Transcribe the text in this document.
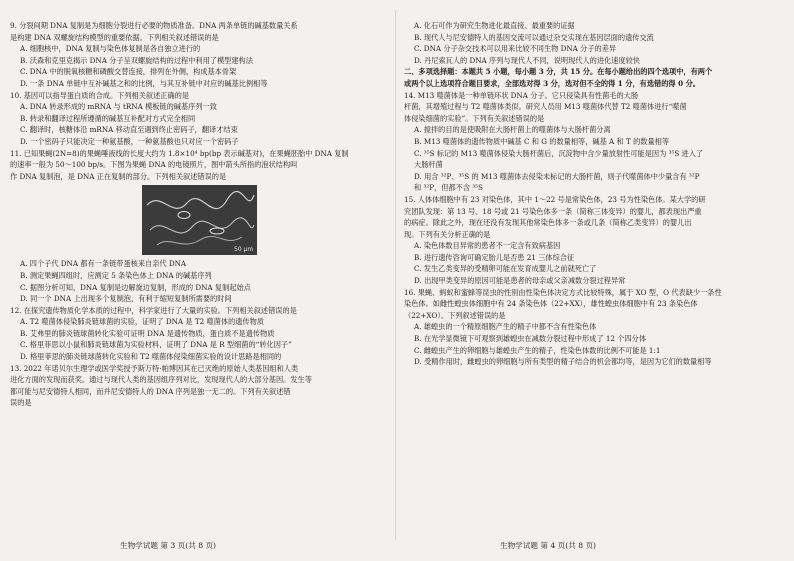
9. 分裂间期 DNA 复制是为细胞分裂进行必要的物质准备。DNA 两条单链的碱基数量关系

是构建 DNA 双螺旋结构模型的重要依据。下列相关叙述错误的是

A. 细胞核中，DNA 复制与染色体复制是各自独立进行的

B. 沃森和克里克揭示 DNA 分子呈双螺旋结构的过程中利用了模型建构法

C. DNA 中的脱氧核糖和磷酸交替连接，排列在外侧，构成基本骨架

D. 一条 DNA 单链中互补碱基之和的比例，与其互补链中对应的碱基比例相等

10. 基因可以指导蛋白质的合成。下列相关叙述正确的是

A. DNA 转录形成的 mRNA 与 tRNA 模板链的碱基序列一致

B. 转录和翻译过程所遵循的碱基互补配对方式完全相同

C. 翻译时，核糖体沿 mRNA 移动直至遇到终止密码子，翻译才结束

D. 一个密码子只能决定一种氨基酸，一种氨基酸也只对应一个密码子

11. 已知果蝇(2N=8)的果蝇唾液线的长度大约为 1.8×10⁴ bp(bp 表示碱基对)，在果蝇胚胎中 DNA 复制

的速率一般为 50～100 bp/s。下图为果蝇 DNA 的电镜照片，图中箭头所指的泡状结构叫

作 DNA 复制泡，是 DNA 正在复制的部分。下列相关叙述错误的是

50 μm

A. 四个子代 DNA 都有一条链带蛋核来自亲代 DNA

B. 测定果蝇四组时，应测定 5 条染色体上 DNA 的碱基序列

C. 据图分析可知，DNA 复制是边解旋边复制，形成的 DNA 复制起始点

D. 同一个 DNA 上出现多个复制泡，有利于缩短复制所需要的时间

12. 在探究遗传物质化学本质的过程中，科学家进行了大量的实验。下列相关叙述错误的是

A. T2 噬菌体侵染肺炎链球菌的实验，证明了 DNA 是 T2 噬菌体的遗传物质

B. 艾弗里的肺炎链球菌转化实验可证明 DNA 是遗传物质，蛋白质不是遗传物质

C. 格里菲思以小鼠和肺炎链球菌为实验材料，证明了 DNA 是 R 型细菌的“转化因子”

D. 格里菲思的肺炎链球菌转化实验和 T2 噬菌体侵染细菌实验的设计思路是相同的

13. 2022 年诺贝尔生理学或医学奖授予斯万特·帕博因其在已灭绝的原始人类基因组和人类

进化方面的发现而获奖。通过与现代人类的基因组序列对比，发现现代人的大部分基因。发生等

都可能与尼安德特人相同，而并尼安德特人的 DNA 序列是独一无二的。下列有关叙述错

误的是

A. 化石可作为研究生物进化最直接、最重要的证据

B. 现代人与尼安德特人的基因交流可以通过杂交实现在基因层面的遗传交流

C. DNA 分子杂交技术可以用来比较不同生物 DNA 分子的差异

D. 丹尼索瓦人的 DNA 序列与现代人不同，说明现代人的进化速度较快

二、多项选择题：本题共 5 小题，每小题 3 分，共 15 分。在每小题给出的四个选项中，有两个

或两个以上选项符合题目要求，全部选对得 3 分，选对但不全的得 1 分，有选错的得 0 分。

14. M13 噬菌体是一种单链环状 DNA 分子。它只侵染具有性菌毛的大肠

杆菌，其增殖过程与 T2 噬菌体类似。研究人员用 M13 噬菌体代替 T2 噬菌体进行“噬菌

体侵染细菌的实验”。下列有关叙述错误的是

A. 搅拌的目的是使吸附在大肠杆菌上的噬菌体与大肠杆菌分离

B. M13 噬菌体的遗传物质中碱基 C 和 G 的数量相等，碱基 A 和 T 的数量相等

C. ³⁵S 标记的 M13 噬菌体侵染大肠杆菌后，沉淀物中含少量放射性可能是因为 ³⁵S 进入了

大肠杆菌

D. 用含 ³²P、³⁵S 的 M13 噬菌体去侵染未标记的大肠杆菌，则子代噬菌体中少量含有 ³²P

和 ³²P，但都不含 ³⁵S

15. 人体体细胞中有 23 对染色体，其中 1～22 号是常染色体，23 号为性染色体。某大学的研

究团队发现：第 13 号、18 号或 21 号染色体多一条（简称三体变异）的婴儿，都表现出严重

的病症。除此之外，现在还没有发现其他常染色体多一条或几条（简称乙类变异）的婴儿出

现。下列有关分析正确的是

A. 染色体数目异常的患者不一定含有致病基因

B. 进行遗传咨询可确定胎儿是否患 21 三体综合征

C. 发生乙类变异的受精卵可能在发育成婴儿之前就死亡了

D. 出现甲类变异的原因可能是患者的母亲或父亲减数分裂过程异常

16. 果蝇、蚂蚁和蜜蜂等昆虫的性别由性染色体决定方式比较特殊，属于 XO 型，O 代表缺少一条性

染色体。如雌性蝗虫体细胞中有 24 条染色体（22+XX），雄性蝗虫体细胞中有 23 条染色体

（22+XO）。下列叙述错误的是

A. 雄蝗虫的一个精原细胞产生的精子中都不含有性染色体

B. 在光学显微镜下可观察到雄蝗虫在减数分裂过程中形成了 12 个四分体

C. 雌蝗虫产生的卵细胞与雄蝗虫产生的精子，性染色体数的比例不可能是 1:1

D. 受精作用时，雌蝗虫的卵细胞与所有类型的精子结合的机会都均等，是因为它们的数量相等

生物学试题 第 3 页(共 8 页)	生物学试题 第 4 页(共 8 页)
